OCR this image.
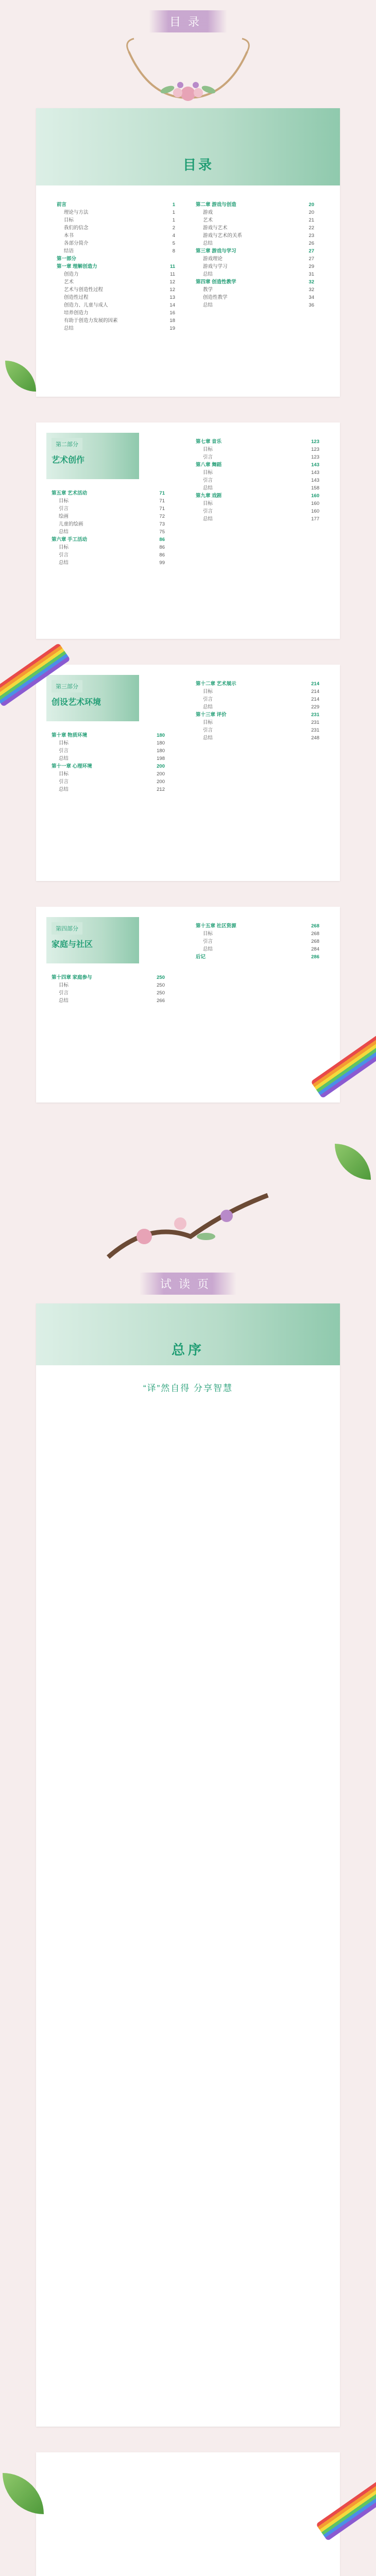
目录
目录
前言	1
理论与方法	1
目标	1
我们的信念	2
本书	4
各部分简介	5
结语	8
第一部分
第一章 理解创造力	11
创造力	11
艺术	12
艺术与创造性过程	12
创造性过程	13
创造力、儿童与成人	14
培养创造力	16
有助于创造力发展的因素	18
总结	19
第二章 游戏与创造	20
游戏	20
艺术	21
游戏与艺术	22
游戏与艺术的关系	23
总结	26
第三章 游戏与学习	27
游戏理论	27
游戏与学习	29
总结	31
第四章 创造性教学	32
教学	32
创造性教学	34
总结	36
第二部分
艺术创作
第五章 艺术活动	71
目标	71
引言	71
绘画	72
儿童的绘画	73
总结	75
第六章 手工活动	86
目标	86
引言	86
总结	99
第七章 音乐	123
目标	123
引言	123
第八章 舞蹈	143
目标	143
引言	143
总结	158
第九章 戏剧	160
目标	160
引言	160
总结	177
第三部分
创设艺术环境
第十章 物质环境	180
目标	180
引言	180
总结	198
第十一章 心理环境	200
目标	200
引言	200
总结	212
第十二章 艺术展示	214
目标	214
引言	214
总结	229
第十三章 评价	231
目标	231
引言	231
总结	248
第四部分
家庭与社区
第十四章 家庭参与	250
目标	250
引言	250
总结	266
第十五章 社区资源	268
目标	268
引言	268
总结	284
后记	286
试读页
总序
“译”然自得 分享智慧
